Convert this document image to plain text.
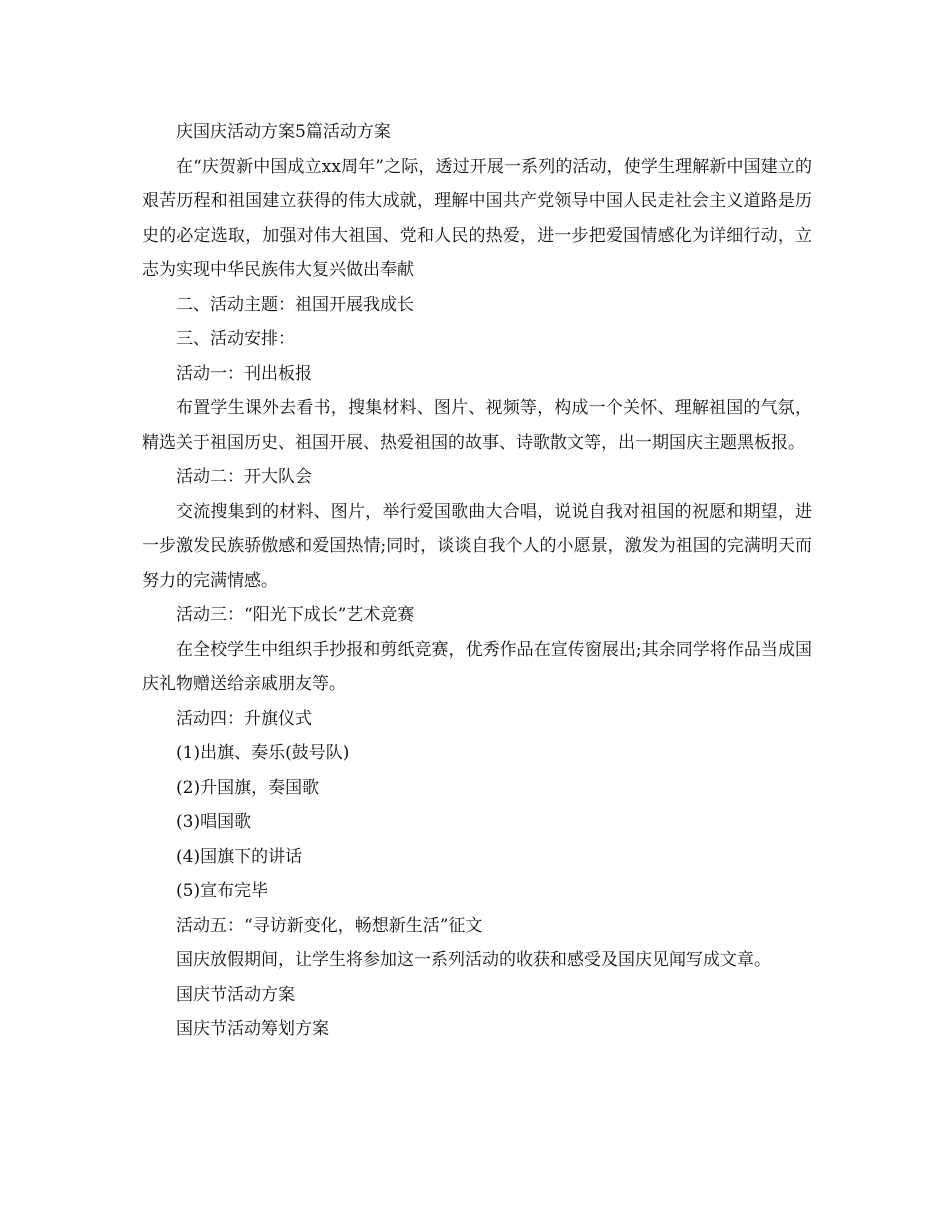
庆国庆活动方案5篇活动方案

在“庆贺新中国成立xx周年”之际，透过开展一系列的活动，使学生理解新中国建立的艰苦历程和祖国建立获得的伟大成就，理解中国共产党领导中国人民走社会主义道路是历史的必定选取，加强对伟大祖国、党和人民的热爱，进一步把爱国情感化为详细行动，立志为实现中华民族伟大复兴做出奉献

二、活动主题：祖国开展我成长

三、活动安排：

活动一：刊出板报

布置学生课外去看书，搜集材料、图片、视频等，构成一个关怀、理解祖国的气氛，精选关于祖国历史、祖国开展、热爱祖国的故事、诗歌散文等，出一期国庆主题黑板报。

活动二：开大队会

交流搜集到的材料、图片，举行爱国歌曲大合唱，说说自我对祖国的祝愿和期望，进一步激发民族骄傲感和爱国热情;同时，谈谈自我个人的小愿景，激发为祖国的完满明天而努力的完满情感。

活动三：“阳光下成长”艺术竞赛

在全校学生中组织手抄报和剪纸竞赛，优秀作品在宣传窗展出;其余同学将作品当成国庆礼物赠送给亲戚朋友等。

活动四：升旗仪式

(1)出旗、奏乐(鼓号队)

(2)升国旗，奏国歌

(3)唱国歌

(4)国旗下的讲话

(5)宣布完毕

活动五：“寻访新变化，畅想新生活”征文

国庆放假期间，让学生将参加这一系列活动的收获和感受及国庆见闻写成文章。

国庆节活动方案

国庆节活动筹划方案
